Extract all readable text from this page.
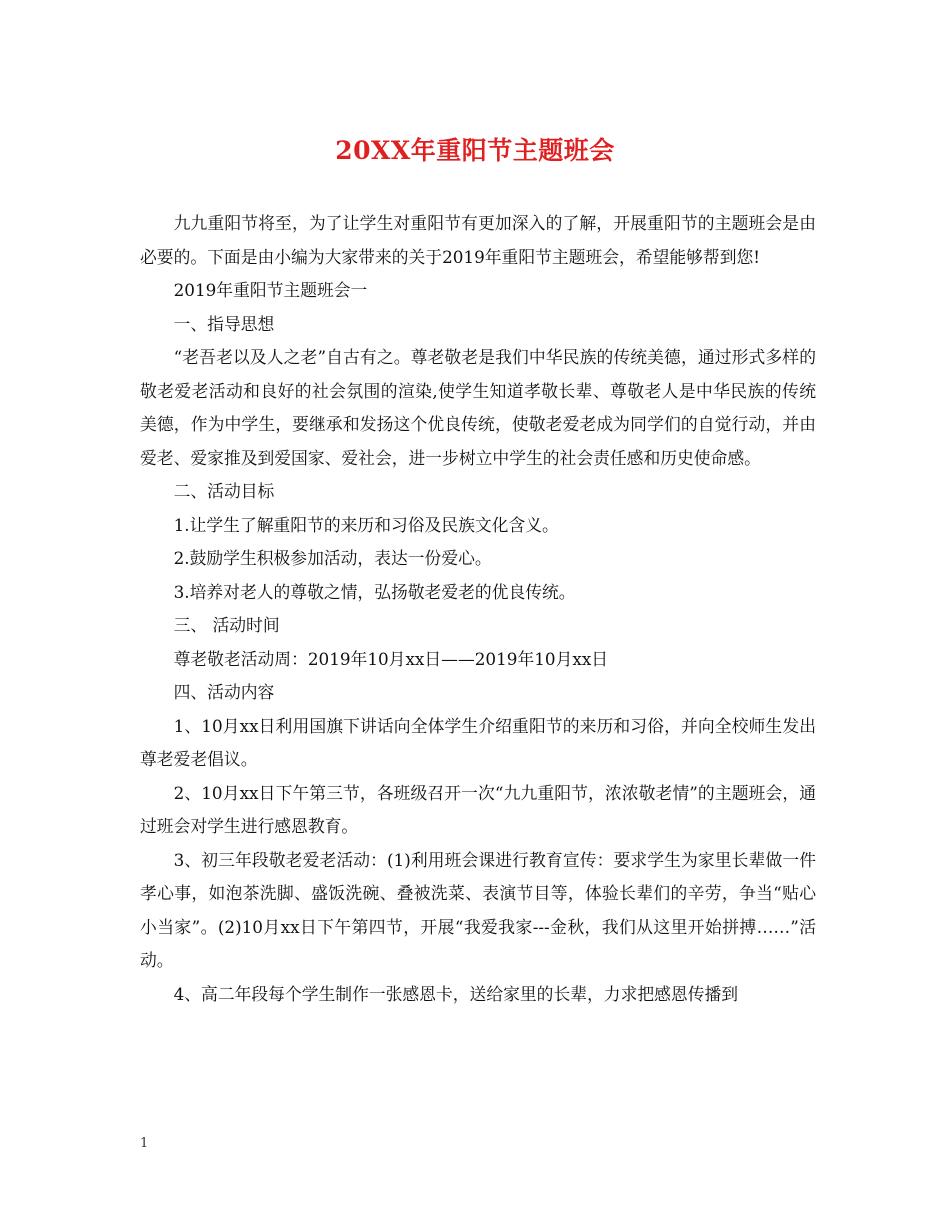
20XX年重阳节主题班会

九九重阳节将至，为了让学生对重阳节有更加深入的了解，开展重阳节的主题班会是由必要的。下面是由小编为大家带来的关于2019年重阳节主题班会，希望能够帮到您!

2019年重阳节主题班会一

一、指导思想

“老吾老以及人之老”自古有之。尊老敬老是我们中华民族的传统美德，通过形式多样的敬老爱老活动和良好的社会氛围的渲染,使学生知道孝敬长辈、尊敬老人是中华民族的传统美德，作为中学生，要继承和发扬这个优良传统，使敬老爱老成为同学们的自觉行动，并由爱老、爱家推及到爱国家、爱社会，进一步树立中学生的社会责任感和历史使命感。

二、活动目标

1.让学生了解重阳节的来历和习俗及民族文化含义。

2.鼓励学生积极参加活动，表达一份爱心。

3.培养对老人的尊敬之情，弘扬敬老爱老的优良传统。

三、 活动时间

尊老敬老活动周：2019年10月xx日——2019年10月xx日

四、活动内容

1、10月xx日利用国旗下讲话向全体学生介绍重阳节的来历和习俗，并向全校师生发出尊老爱老倡议。

2、10月xx日下午第三节，各班级召开一次“九九重阳节，浓浓敬老情”的主题班会，通过班会对学生进行感恩教育。

3、初三年段敬老爱老活动：(1)利用班会课进行教育宣传：要求学生为家里长辈做一件孝心事，如泡茶洗脚、盛饭洗碗、叠被洗菜、表演节目等，体验长辈们的辛劳，争当“贴心小当家”。(2)10月xx日下午第四节，开展“我爱我家---金秋，我们从这里开始拼搏……”活动。

4、高二年段每个学生制作一张感恩卡，送给家里的长辈，力求把感恩传播到

1
